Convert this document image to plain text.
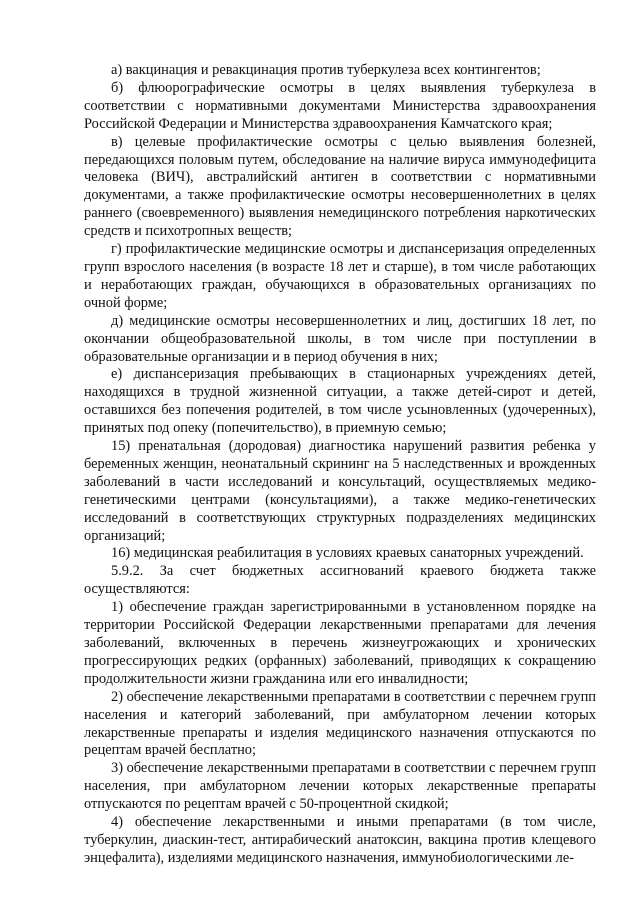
а) вакцинация и ревакцинация против туберкулеза всех контингентов;

б) флюорографические осмотры в целях выявления туберкулеза в соответствии с нормативными документами Министерства здравоохранения Российской Федерации и Министерства здравоохранения Камчатского края;

в) целевые профилактические осмотры с целью выявления болезней, передающихся половым путем, обследование на наличие вируса иммунодефицита человека (ВИЧ), австралийский антиген в соответствии с нормативными документами, а также профилактические осмотры несовершеннолетних в целях раннего (своевременного) выявления немедицинского потребления наркотических средств и психотропных веществ;

г) профилактические медицинские осмотры и диспансеризация определенных групп взрослого населения (в возрасте 18 лет и старше), в том числе работающих и неработающих граждан, обучающихся в образовательных организациях по очной форме;

д) медицинские осмотры несовершеннолетних и лиц, достигших 18 лет, по окончании общеобразовательной школы, в том числе при поступлении в образовательные организации и в период обучения в них;

е) диспансеризация пребывающих в стационарных учреждениях детей, находящихся в трудной жизненной ситуации, а также детей-сирот и детей, оставшихся без попечения родителей, в том числе усыновленных (удочеренных), принятых под опеку (попечительство), в приемную семью;

15) пренатальная (дородовая) диагностика нарушений развития ребенка у беременных женщин, неонатальный скрининг на 5 наследственных и врожденных заболеваний в части исследований и консультаций, осуществляемых медико-генетическими центрами (консультациями), а также медико-генетических исследований в соответствующих структурных подразделениях медицинских организаций;

16) медицинская реабилитация в условиях краевых санаторных учреждений.

5.9.2. За счет бюджетных ассигнований краевого бюджета также осуществляются:

1) обеспечение граждан зарегистрированными в установленном порядке на территории Российской Федерации лекарственными препаратами для лечения заболеваний, включенных в перечень жизнеугрожающих и хронических прогрессирующих редких (орфанных) заболеваний, приводящих к сокращению продолжительности жизни гражданина или его инвалидности;

2) обеспечение лекарственными препаратами в соответствии с перечнем групп населения и категорий заболеваний, при амбулаторном лечении которых лекарственные препараты и изделия медицинского назначения отпускаются по рецептам врачей бесплатно;

3) обеспечение лекарственными препаратами в соответствии с перечнем групп населения, при амбулаторном лечении которых лекарственные препараты отпускаются по рецептам врачей с 50-процентной скидкой;

4) обеспечение лекарственными и иными препаратами (в том числе, туберкулин, диаскин-тест, антирабический анатоксин, вакцина против клещевого энцефалита), изделиями медицинского назначения, иммунобиологическими ле-
